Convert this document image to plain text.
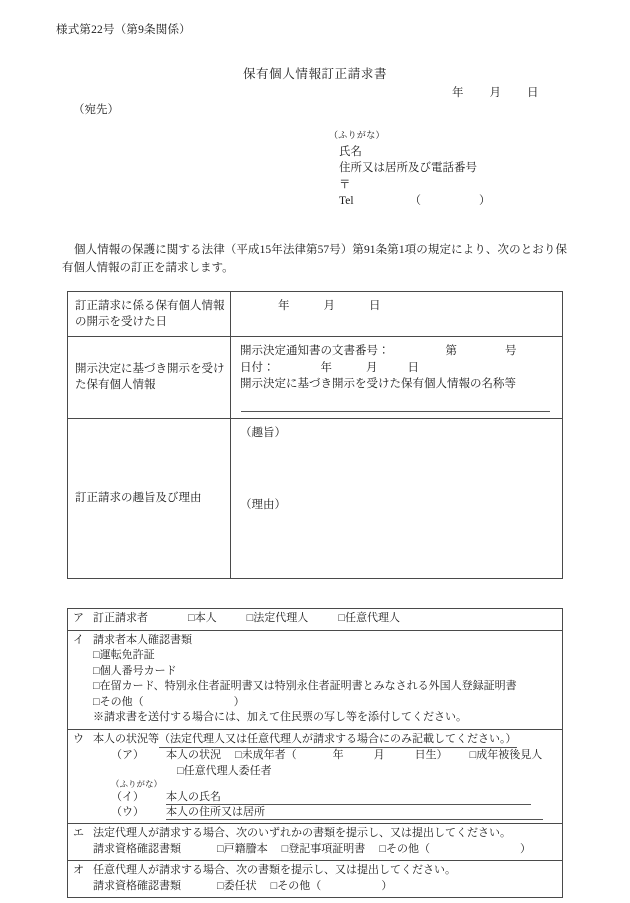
様式第22号（第9条関係）
保有個人情報訂正請求書
年 月 日
（宛先）
（ふりがな）
氏名
住所又は居所及び電話番号
〒
Tel	（	）
個人情報の保護に関する法律（平成15年法律第57号）第91条第1項の規定により、次のとおり保有個人情報の訂正を請求します。
訂正請求に係る保有個人情報の開示を受けた日	年 月 日

開示決定に基づき開示を受けた保有個人情報	開示決定通知書の文書番号： 第 号
日付： 年 月 日
開示決定に基づき開示を受けた保有個人情報の名称等

訂正請求の趣旨及び理由	（趣旨）
（理由）
ア 訂正請求者	□本人	□法定代理人	□任意代理人

イ 請求者本人確認書類
□運転免許証
□個人番号カード
□在留カード、特別永住者証明書又は特別永住者証明書とみなされる外国人登録証明書
□その他（	）
※請求書を送付する場合には、加えて住民票の写し等を添付してください。

ウ 本人の状況等（法定代理人又は任意代理人が請求する場合にのみ記載してください。）
（ア） 本人の状況 □未成年者（	年	月	日生） □成年被後見人
□任意代理人委任者
（ふりがな）
（イ） 本人の氏名
（ウ） 本人の住所又は居所

エ 法定代理人が請求する場合、次のいずれかの書類を提示し、又は提出してください。
請求資格確認書類	□戸籍謄本 □登記事項証明書 □その他（	）

オ 任意代理人が請求する場合、次の書類を提示し、又は提出してください。
請求資格確認書類	□委任状 □その他（	）
